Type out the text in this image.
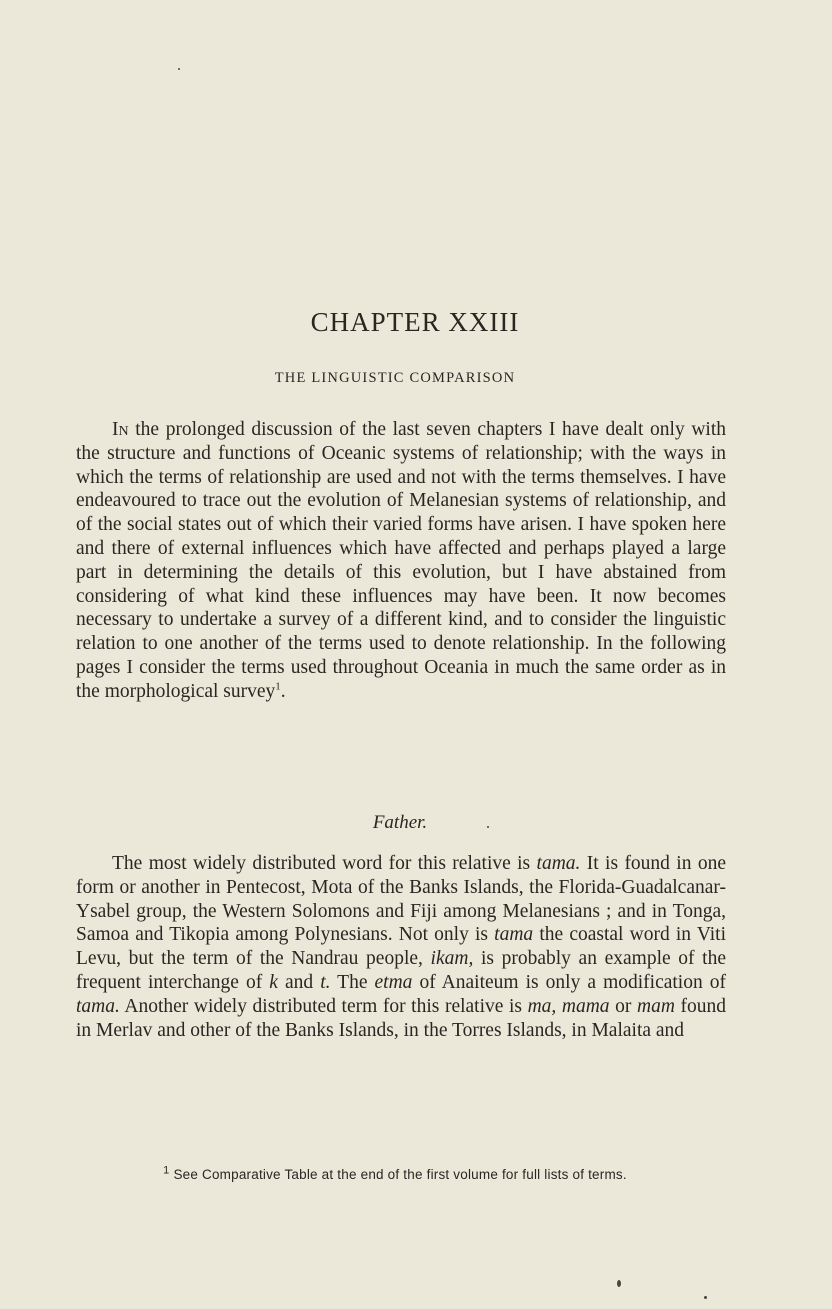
CHAPTER XXIII
THE LINGUISTIC COMPARISON

In the prolonged discussion of the last seven chapters I have dealt only with the structure and functions of Oceanic systems of relationship; with the ways in which the terms of relationship are used and not with the terms themselves. I have endeavoured to trace out the evolution of Melanesian systems of relationship, and of the social states out of which their varied forms have arisen. I have spoken here and there of external influences which have affected and perhaps played a large part in determining the details of this evolution, but I have abstained from considering of what kind these influences may have been. It now becomes necessary to undertake a survey of a different kind, and to consider the linguistic relation to one another of the terms used to denote relationship. In the following pages I consider the terms used throughout Oceania in much the same order as in the morphological survey$^1$.

Father.

The most widely distributed word for this relative is tama. It is found in one form or another in Pentecost, Mota of the Banks Islands, the Florida-Guadalcanar-Ysabel group, the Western Solomons and Fiji among Melanesians ; and in Tonga, Samoa and Tikopia among Polynesians. Not only is tama the coastal word in Viti Levu, but the term of the Nandrau people, ikam, is probably an example of the frequent interchange of k and t. The etma of Anaiteum is only a modification of tama. Another widely distributed term for this relative is ma, mama or mam found in Merlav and other of the Banks Islands, in the Torres Islands, in Malaita and

$^1$ See Comparative Table at the end of the first volume for full lists of terms.
